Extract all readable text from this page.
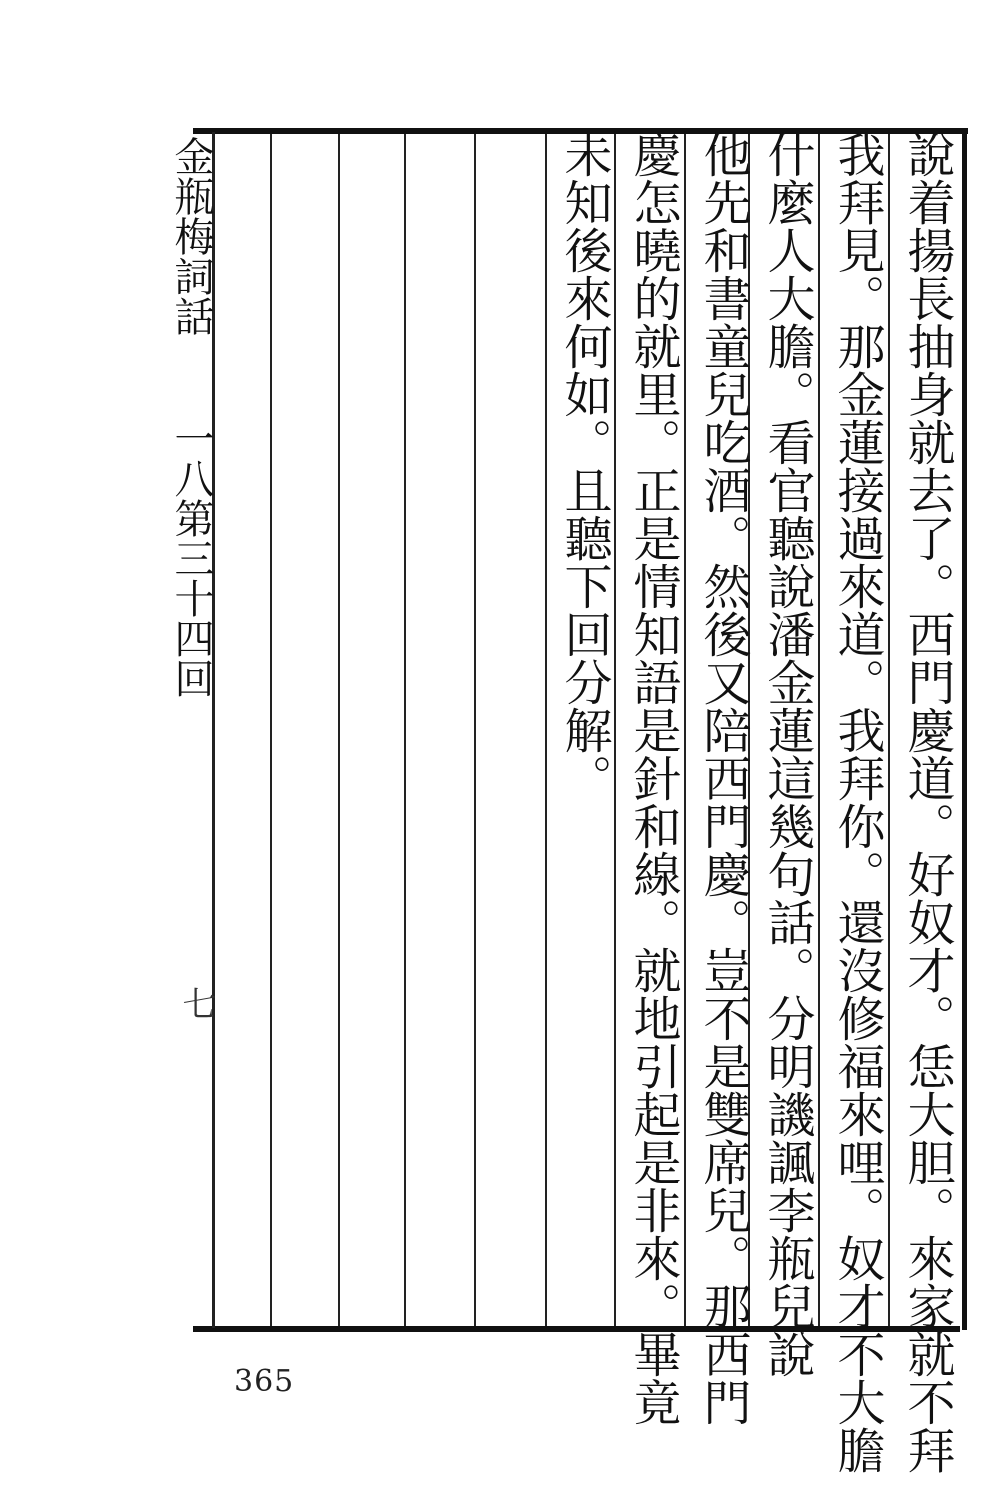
說着揚長抽身就去了。西門慶道。好奴才。恁大胆。來家就不拜
我拜見。那金蓮接過來道。我拜你。還沒修福來哩。奴才不大膽
什麼人大膽。看官聽說潘金蓮這幾句話。分明譏諷李瓶兒說
他先和書童兒吃酒。然後又陪西門慶。豈不是雙席兒。那西門
慶怎曉的就里。正是情知語是針和線。就地引起是非來。畢竟
未知後來何如。且聽下回分解。
金瓶梅詞話
一八第三十四回
七
365
